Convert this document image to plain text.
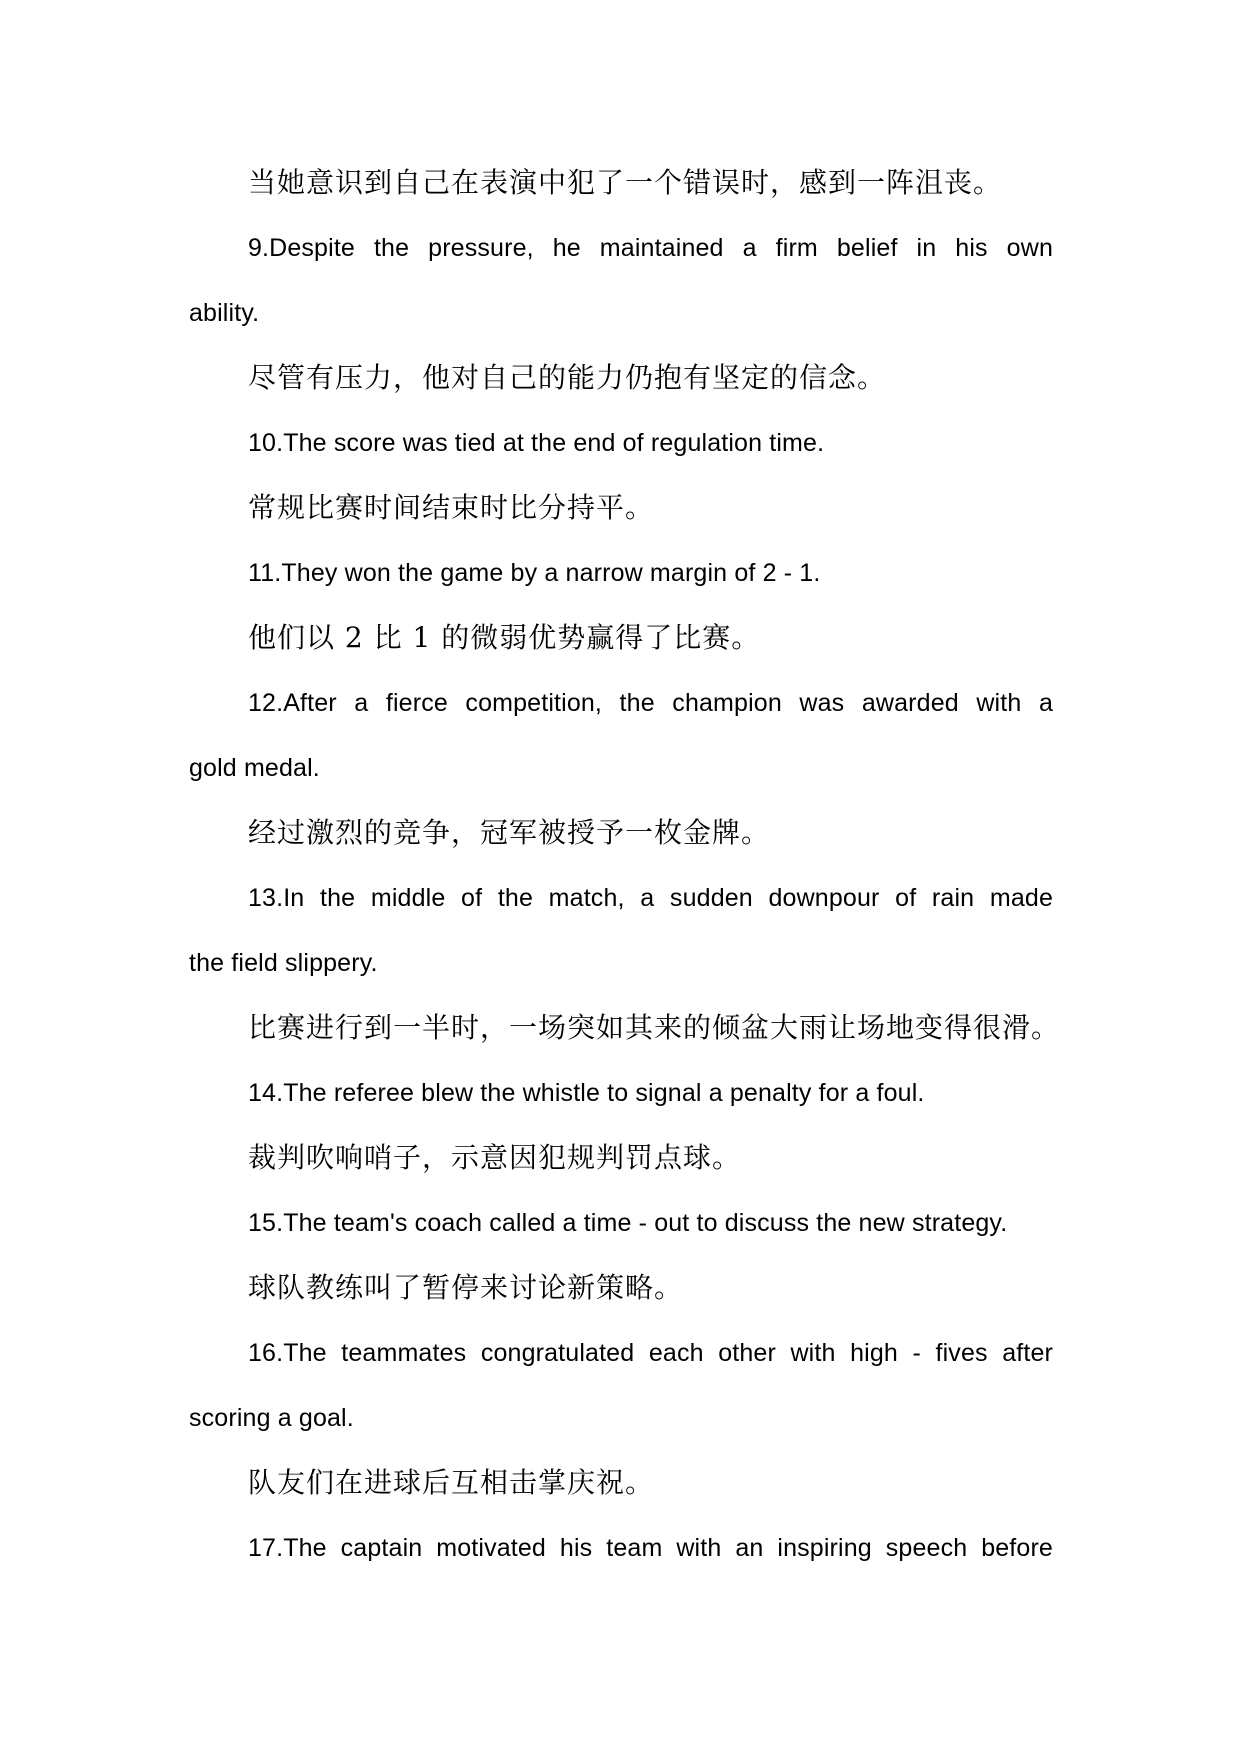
当她意识到自己在表演中犯了一个错误时，感到一阵沮丧。
9.Despite the pressure, he maintained a firm belief in his own
ability.
尽管有压力，他对自己的能力仍抱有坚定的信念。
10.The score was tied at the end of regulation time.
常规比赛时间结束时比分持平。
11.They won the game by a narrow margin of 2 - 1.
他们以 2 比 1 的微弱优势赢得了比赛。
12.After a fierce competition, the champion was awarded with a
gold medal.
经过激烈的竞争，冠军被授予一枚金牌。
13.In the middle of the match, a sudden downpour of rain made
the field slippery.
比赛进行到一半时，一场突如其来的倾盆大雨让场地变得很滑。
14.The referee blew the whistle to signal a penalty for a foul.
裁判吹响哨子，示意因犯规判罚点球。
15.The team's coach called a time - out to discuss the new strategy.
球队教练叫了暂停来讨论新策略。
16.The teammates congratulated each other with high - fives after
scoring a goal.
队友们在进球后互相击掌庆祝。
17.The captain motivated his team with an inspiring speech before
